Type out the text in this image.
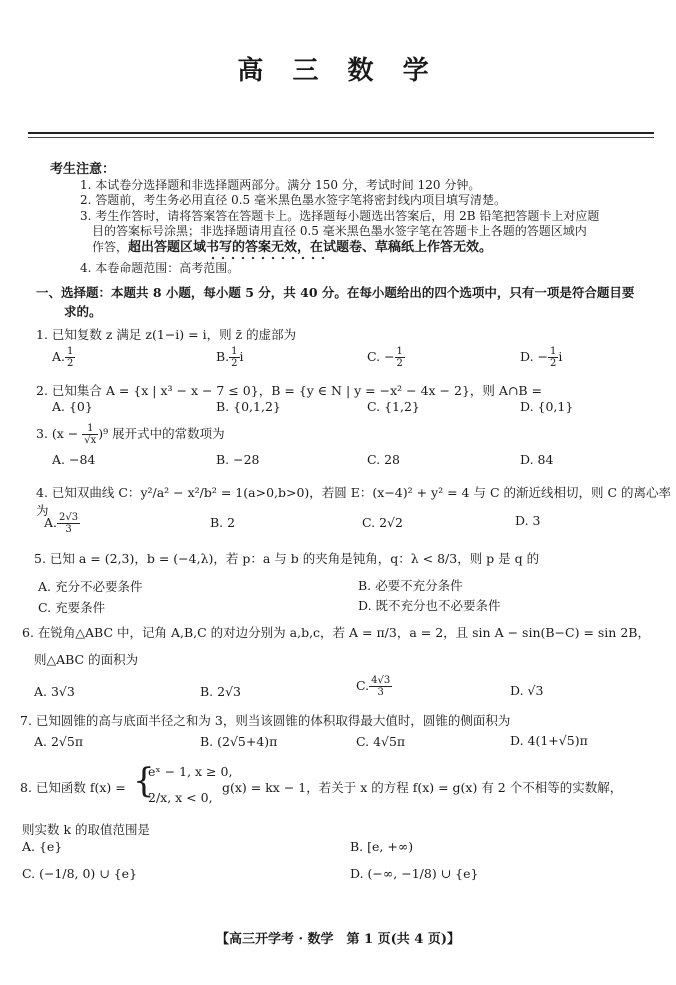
高 三 数 学
考生注意：
1. 本试卷分选择题和非选择题两部分。满分 150 分，考试时间 120 分钟。
2. 答题前，考生务必用直径 0.5 毫米黑色墨水签字笔将密封线内项目填写清楚。
3. 考生作答时，请将答案答在答题卡上。选择题每小题选出答案后，用 2B 铅笔把答题卡上对应题
目的答案标号涂黑；非选择题请用直径 0.5 毫米黑色墨水签字笔在答题卡上各题的答题区域内
作答，超出答题区域书写的答案无效，在试题卷、草稿纸上作答无效。
4. 本卷命题范围：高考范围。
一、选择题：本题共 8 小题，每小题 5 分，共 40 分。在每小题给出的四个选项中，只有一项是符合题目要
求的。
1. 已知复数 z 满足 z(1−i) = i，则 z̄ 的虚部为
A. $\frac{1}{2}$	B. $\frac{1}{2}$ i	C. − $\frac{1}{2}$	D. − $\frac{1}{2}$ i
2. 已知集合 A = {x | x³ − x − 7 ≤ 0}，B = {y ∈ N | y = −x² − 4x − 2}，则 A∩B =
A. {0}	B. {0,1,2}	C. {1,2}	D. {0,1}
3. $(x - \frac{1}{√x} )^9$ 展开式中的常数项为
A. −84	B. −28	C. 28	D. 84
4. 已知双曲线 C：y²/a² − x²/b² = 1(a>0,b>0)，若圆 E：(x−4)² + y² = 4 与 C 的渐近线相切，则 C 的离心率为
A. $\frac{2√3}{3}$	B. 2	C. 2√2	D. 3
5. 已知 a = (2,3)，b = (−4,λ)，若 p：a 与 b 的夹角是钝角，q：λ < 8/3，则 p 是 q 的
A. 充分不必要条件	B. 必要不充分条件
C. 充要条件	D. 既不充分也不必要条件
6. 在锐角△ABC 中，记角 A,B,C 的对边分别为 a,b,c，若 A = π/3，a = 2，且 sin A − sin(B−C) = sin 2B，
则△ABC 的面积为
A. 3√3	B. 2√3	C. $\frac{4√3}{3}$	D. √3
7. 已知圆锥的高与底面半径之和为 3，则当该圆锥的体积取得最大值时，圆锥的侧面积为
A. 2√5π	B. (2√5+4)π	C. 4√5π	D. 4(1+√5)π
8. 已知函数 f(x) = {
eˣ − 1, x ≥ 0,
2/x, x < 0,
g(x) = kx − 1，若关于 x 的方程 f(x) = g(x) 有 2 个不相等的实数解，
则实数 k 的取值范围是
A. {e}	B. [e, +∞)
C. (−1/8, 0) ∪ {e}	D. (−∞, −1/8) ∪ {e}
【高三开学考 · 数学　第 1 页(共 4 页)】
